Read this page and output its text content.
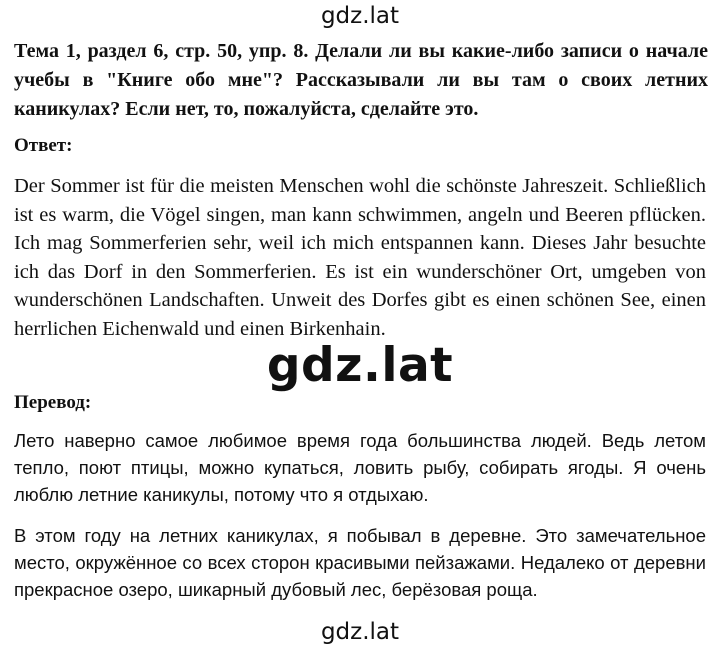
gdz.lat

Тема 1, раздел 6, стр. 50, упр. 8. Делали ли вы какие-либо записи о начале учебы в "Книге обо мне"? Рассказывали ли вы там о своих летних каникулах? Если нет, то, пожалуйста, сделайте это.

Ответ:

Der Sommer ist für die meisten Menschen wohl die schönste Jahreszeit. Schließlich ist es warm, die Vögel singen, man kann schwimmen, angeln und Beeren pflücken. Ich mag Sommerferien sehr, weil ich mich entspannen kann. Dieses Jahr besuchte ich das Dorf in den Sommerferien. Es ist ein wunderschöner Ort, umgeben von wunderschönen Landschaften. Unweit des Dorfes gibt es einen schönen See, einen herrlichen Eichenwald und einen Birkenhain.

gdz.lat

Перевод:

Лето наверно самое любимое время года большинства людей. Ведь летом тепло, поют птицы, можно купаться, ловить рыбу, собирать ягоды. Я очень люблю летние каникулы, потому что я отдыхаю.

В этом году на летних каникулах, я побывал в деревне. Это замечательное место, окружённое со всех сторон красивыми пейзажами. Недалеко от деревни прекрасное озеро, шикарный дубовый лес, берёзовая роща.

gdz.lat
